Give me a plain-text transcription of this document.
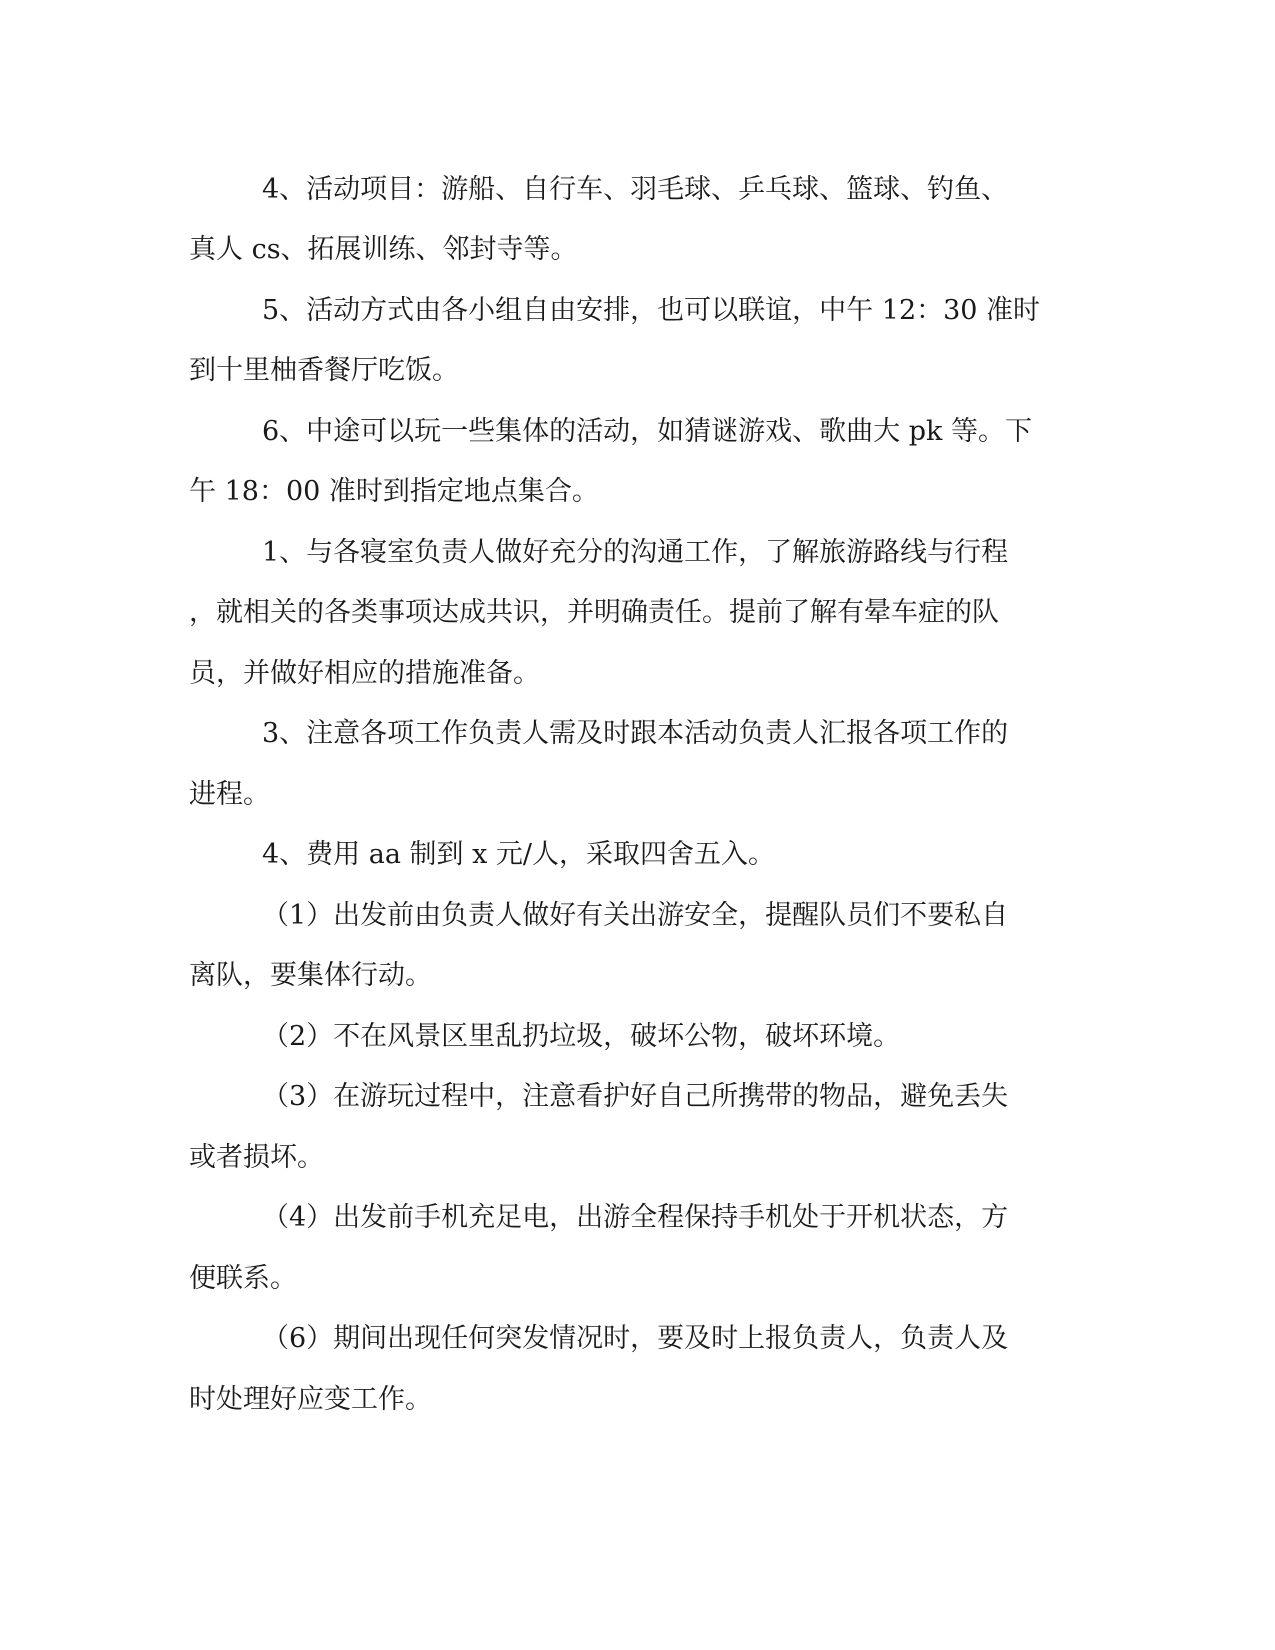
4、活动项目：游船、自行车、羽毛球、乒乓球、篮球、钓鱼、
真人 cs、拓展训练、邻封寺等。
5、活动方式由各小组自由安排，也可以联谊，中午 12：30 准时
到十里柚香餐厅吃饭。
6、中途可以玩一些集体的活动，如猜谜游戏、歌曲大 pk 等。下
午 18：00 准时到指定地点集合。
1、与各寝室负责人做好充分的沟通工作，了解旅游路线与行程
，就相关的各类事项达成共识，并明确责任。提前了解有晕车症的队
员，并做好相应的措施准备。
3、注意各项工作负责人需及时跟本活动负责人汇报各项工作的
进程。
4、费用 aa 制到 x 元/人，采取四舍五入。
（1）出发前由负责人做好有关出游安全，提醒队员们不要私自
离队，要集体行动。
（2）不在风景区里乱扔垃圾，破坏公物，破坏环境。
（3）在游玩过程中，注意看护好自己所携带的物品，避免丢失
或者损坏。
（4）出发前手机充足电，出游全程保持手机处于开机状态，方
便联系。
（6）期间出现任何突发情况时，要及时上报负责人，负责人及
时处理好应变工作。
